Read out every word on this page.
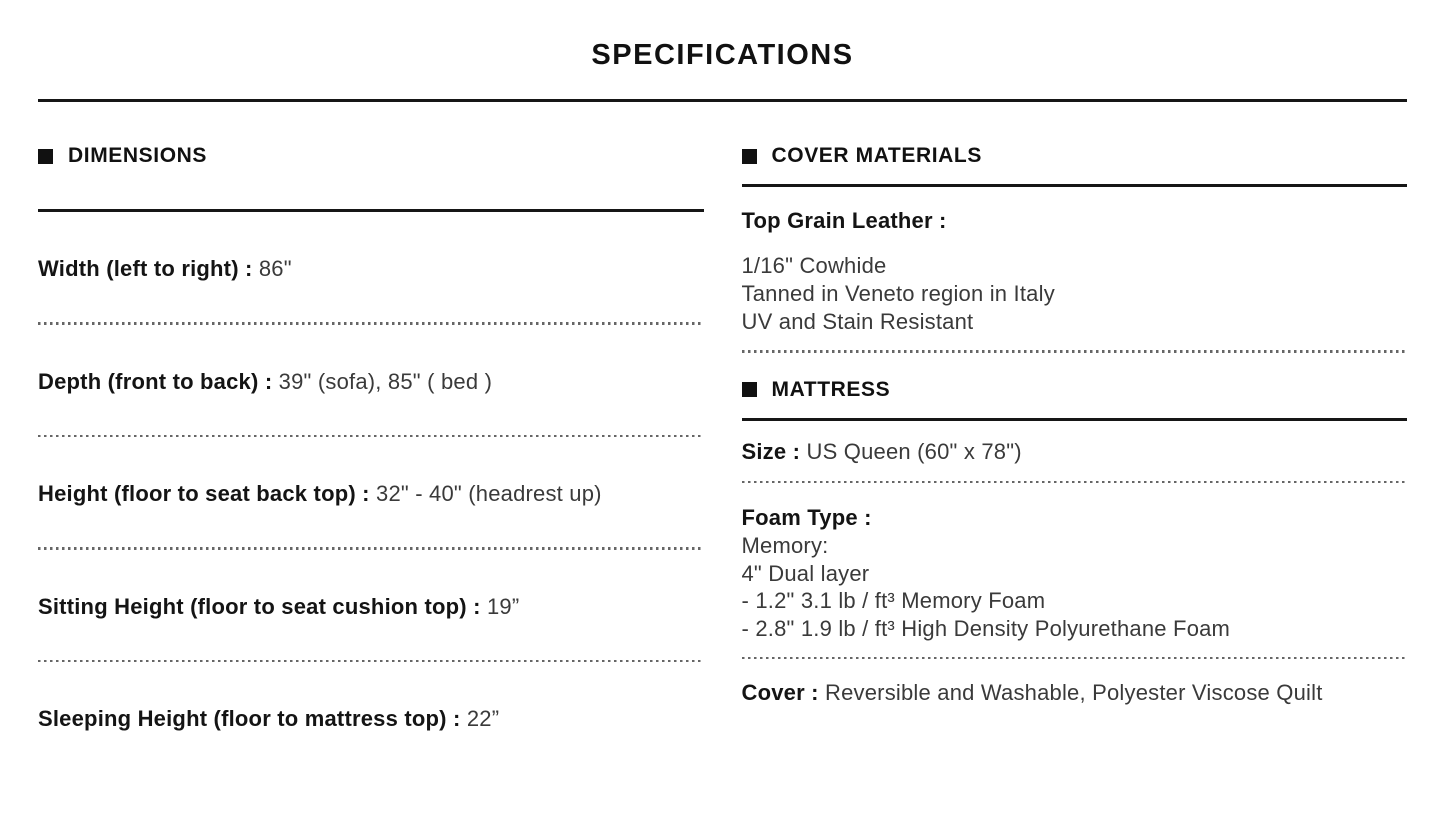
SPECIFICATIONS
DIMENSIONS
Width (left to right) : 86"
Depth (front to back) : 39" (sofa), 85" ( bed )
Height (floor to seat back top) : 32" - 40" (headrest up)
Sitting Height (floor to seat cushion top) : 19”
Sleeping Height (floor to mattress top) : 22”
COVER MATERIALS
Top Grain Leather :
1/16" Cowhide
Tanned in Veneto region in Italy
UV and Stain Resistant
MATTRESS
Size : US Queen (60" x 78")
Foam Type :
Memory:
4" Dual layer
- 1.2" 3.1 lb / ft³ Memory Foam
- 2.8" 1.9 lb / ft³ High Density Polyurethane Foam
Cover : Reversible and Washable, Polyester Viscose Quilt
